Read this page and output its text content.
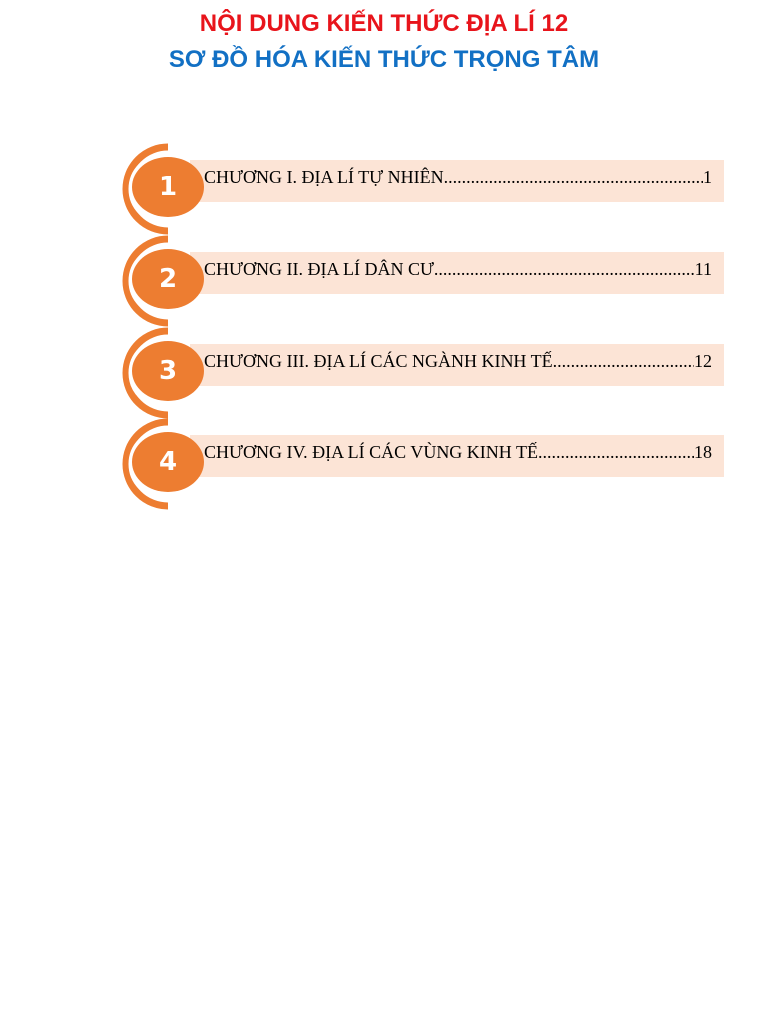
NỘI DUNG KIẾN THỨC ĐỊA LÍ 12
SƠ ĐỒ HÓA KIẾN THỨC TRỌNG TÂM
1	CHƯƠNG I. ĐỊA LÍ TỰ NHIÊN .....	1
2	CHƯƠNG II. ĐỊA LÍ DÂN CƯ .....	11
3	CHƯƠNG III. ĐỊA LÍ CÁC NGÀNH KINH TẾ .....	12
4	CHƯƠNG IV. ĐỊA LÍ CÁC VÙNG KINH TẾ .....	18
